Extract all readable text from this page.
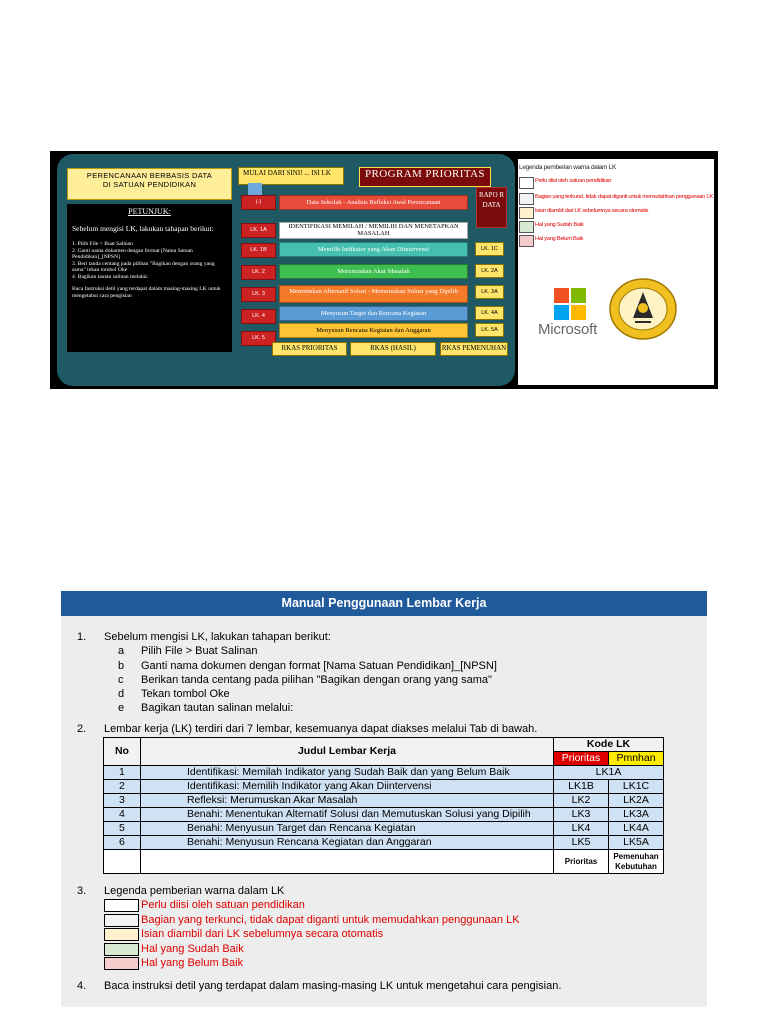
PERENCANAAN BERBASIS DATA
DI SATUAN PENDIDIKAN
PETUNJUK:
Sebelum mengisi LK, lakukan tahapan berikut:
1. Pilih File > Buat Salinan
2. Ganti nama dokumen dengan format [Nama Satuan Pendidikan]_[NPSN]
3. Beri tanda centang pada pilihan "Bagikan dengan orang yang sama" tekan tombol Oke
4. Bagikan tautan salinan melalui:
Baca Instruksi detil yang terdapat dalam masing-masing LK untuk mengetahui cara pengisian
MULAI DARI SINI! ... ISI LK	PROGRAM PRIORITAS
RAPO R DATA
(-)	Data Sekolah - Analisis Refleksi Awal Perencanaan
LK. 1A	IDENTIFIKASI MEMILAH / MEMILIH DAN MENETAPKAN MASALAH
LK. 1B	Memilih Indikator yang Akan Diintervensi	LK. 1C
LK. 2	Merumuskan Akar Masalah	LK. 2A
LK. 3	Menentukan Alternatif Solusi - Memutuskan Solusi yang Dipilih	LK. 3A
LK. 4	Menyusun Target dan Rencana Kegiatan	LK. 4A
LK. 5
Menyusun Rencana Kegiatan dan Anggaran	LK. 5A
RKAS PRIORITAS	RKAS (HASIL)	RKAS PEMENUHAN
Legenda pemberian warna dalam LK
Perlu diisi oleh satuan pendidikan
Bagian yang terkunci, tidak dapat diganti untuk memudahkan penggunaan LK
Isian diambil dari LK sebelumnya secara otomatis
Hal yang Sudah Baik
Hal yang Belum Baik
Microsoft
Manual Penggunaan Lembar Kerja
1. Sebelum mengisi LK, lakukan tahapan berikut:
a Pilih File > Buat Salinan
b Ganti nama dokumen dengan format [Nama Satuan Pendidikan]_[NPSN]
c Berikan tanda centang pada pilihan "Bagikan dengan orang yang sama"
d Tekan tombol Oke
e Bagikan tautan salinan melalui:
2. Lembar kerja (LK) terdiri dari 7 lembar, kesemuanya dapat diakses melalui Tab di bawah.
No	Judul Lembar Kerja	Kode LK	
		Prioritas	Pmnhan
1	Identifikasi: Memilah Indikator yang Sudah Baik dan yang Belum Baik	LK1A	
2	Identifikasi: Memilih Indikator yang Akan Diintervensi	LK1B	LK1C
3	Refleksi: Merumuskan Akar Masalah	LK2	LK2A
4	Benahi: Menentukan Alternatif Solusi dan Memutuskan Solusi yang Dipilih	LK3	LK3A
5	Benahi: Menyusun Target dan Rencana Kegiatan	LK4	LK4A
6	Benahi: Menyusun Rencana Kegiatan dan Anggaran	LK5	LK5A
		Prioritas	Pemenuhan Kebutuhan
3. Legenda pemberian warna dalam LK
Perlu diisi oleh satuan pendidikan
Bagian yang terkunci, tidak dapat diganti untuk memudahkan penggunaan LK
Isian diambil dari LK sebelumnya secara otomatis
Hal yang Sudah Baik
Hal yang Belum Baik
4. Baca instruksi detil yang terdapat dalam masing-masing LK untuk mengetahui cara pengisian.
